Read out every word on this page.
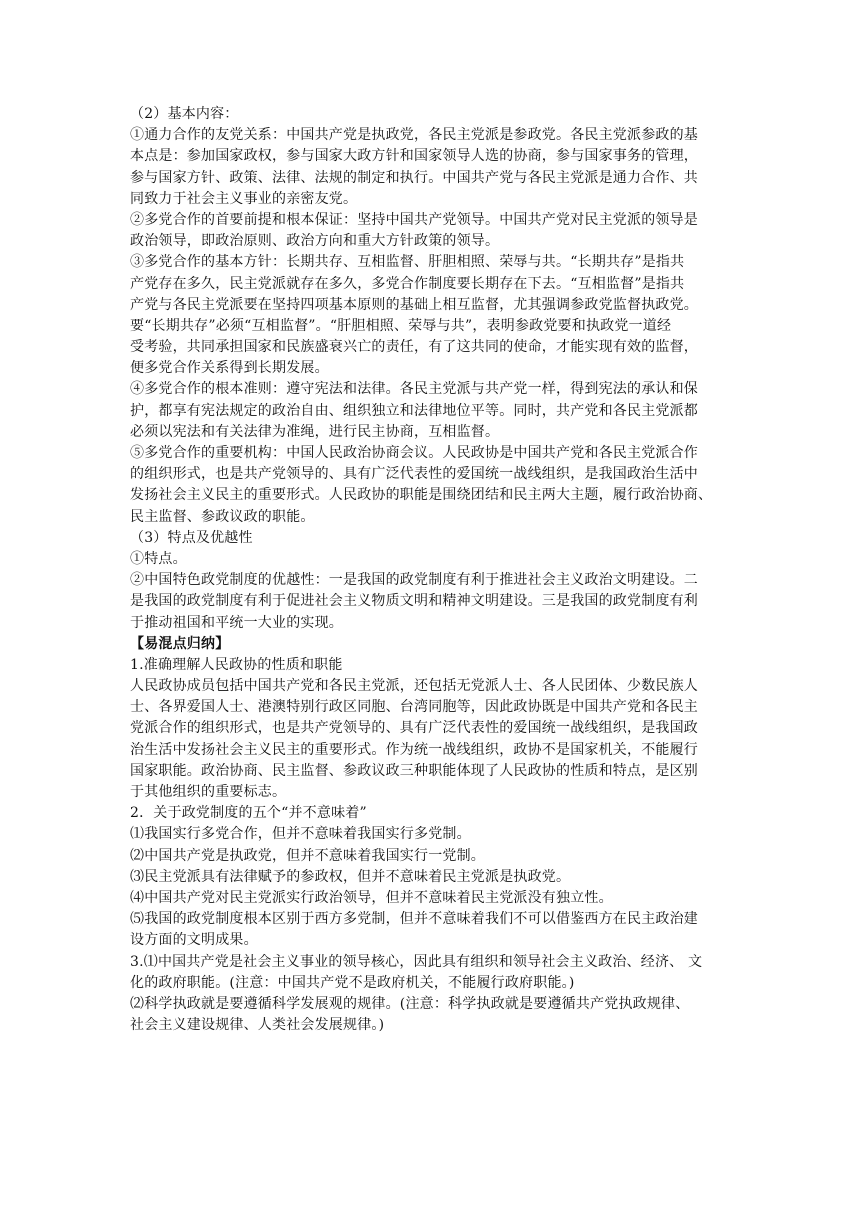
（2）基本内容：
①通力合作的友党关系：中国共产党是执政党，各民主党派是参政党。各民主党派参政的基
本点是：参加国家政权，参与国家大政方针和国家领导人选的协商，参与国家事务的管理，
参与国家方针、政策、法律、法规的制定和执行。中国共产党与各民主党派是通力合作、共
同致力于社会主义事业的亲密友党。
②多党合作的首要前提和根本保证：坚持中国共产党领导。中国共产党对民主党派的领导是
政治领导，即政治原则、政治方向和重大方针政策的领导。
③多党合作的基本方针：长期共存、互相监督、肝胆相照、荣辱与共。“长期共存”是指共
产党存在多久，民主党派就存在多久，多党合作制度要长期存在下去。“互相监督”是指共
产党与各民主党派要在坚持四项基本原则的基础上相互监督，尤其强调参政党监督执政党。
要“长期共存”必须“互相监督”。“肝胆相照、荣辱与共”，表明参政党要和执政党一道经
受考验，共同承担国家和民族盛衰兴亡的责任，有了这共同的使命，才能实现有效的监督，
便多党合作关系得到长期发展。
④多党合作的根本准则：遵守宪法和法律。各民主党派与共产党一样，得到宪法的承认和保
护，都享有宪法规定的政治自由、组织独立和法律地位平等。同时，共产党和各民主党派都
必须以宪法和有关法律为准绳，进行民主协商，互相监督。
⑤多党合作的重要机构：中国人民政治协商会议。人民政协是中国共产党和各民主党派合作
的组织形式，也是共产党领导的、具有广泛代表性的爱国统一战线组织，是我国政治生活中
发扬社会主义民主的重要形式。人民政协的职能是围绕团结和民主两大主题，履行政治协商、
民主监督、参政议政的职能。
（3）特点及优越性
①特点。
②中国特色政党制度的优越性：一是我国的政党制度有利于推进社会主义政治文明建设。二
是我国的政党制度有利于促进社会主义物质文明和精神文明建设。三是我国的政党制度有利
于推动祖国和平统一大业的实现。
【易混点归纳】
1.准确理解人民政协的性质和职能
人民政协成员包括中国共产党和各民主党派，还包括无党派人士、各人民团体、少数民族人
士、各界爱国人士、港澳特别行政区同胞、台湾同胞等，因此政协既是中国共产党和各民主
党派合作的组织形式，也是共产党领导的、具有广泛代表性的爱国统一战线组织，是我国政
治生活中发扬社会主义民主的重要形式。作为统一战线组织，政协不是国家机关，不能履行
国家职能。政治协商、民主监督、参政议政三种职能体现了人民政协的性质和特点，是区别
于其他组织的重要标志。
2．关于政党制度的五个“并不意味着”
⑴我国实行多党合作，但并不意味着我国实行多党制。
⑵中国共产党是执政党，但并不意味着我国实行一党制。
⑶民主党派具有法律赋予的参政权，但并不意味着民主党派是执政党。
⑷中国共产党对民主党派实行政治领导，但并不意味着民主党派没有独立性。
⑸我国的政党制度根本区别于西方多党制，但并不意味着我们不可以借鉴西方在民主政治建
设方面的文明成果。
3.⑴中国共产党是社会主义事业的领导核心，因此具有组织和领导社会主义政治、经济、 文
化的政府职能。(注意：中国共产党不是政府机关，不能履行政府职能。)
⑵科学执政就是要遵循科学发展观的规律。(注意：科学执政就是要遵循共产党执政规律、
社会主义建设规律、人类社会发展规律。)
